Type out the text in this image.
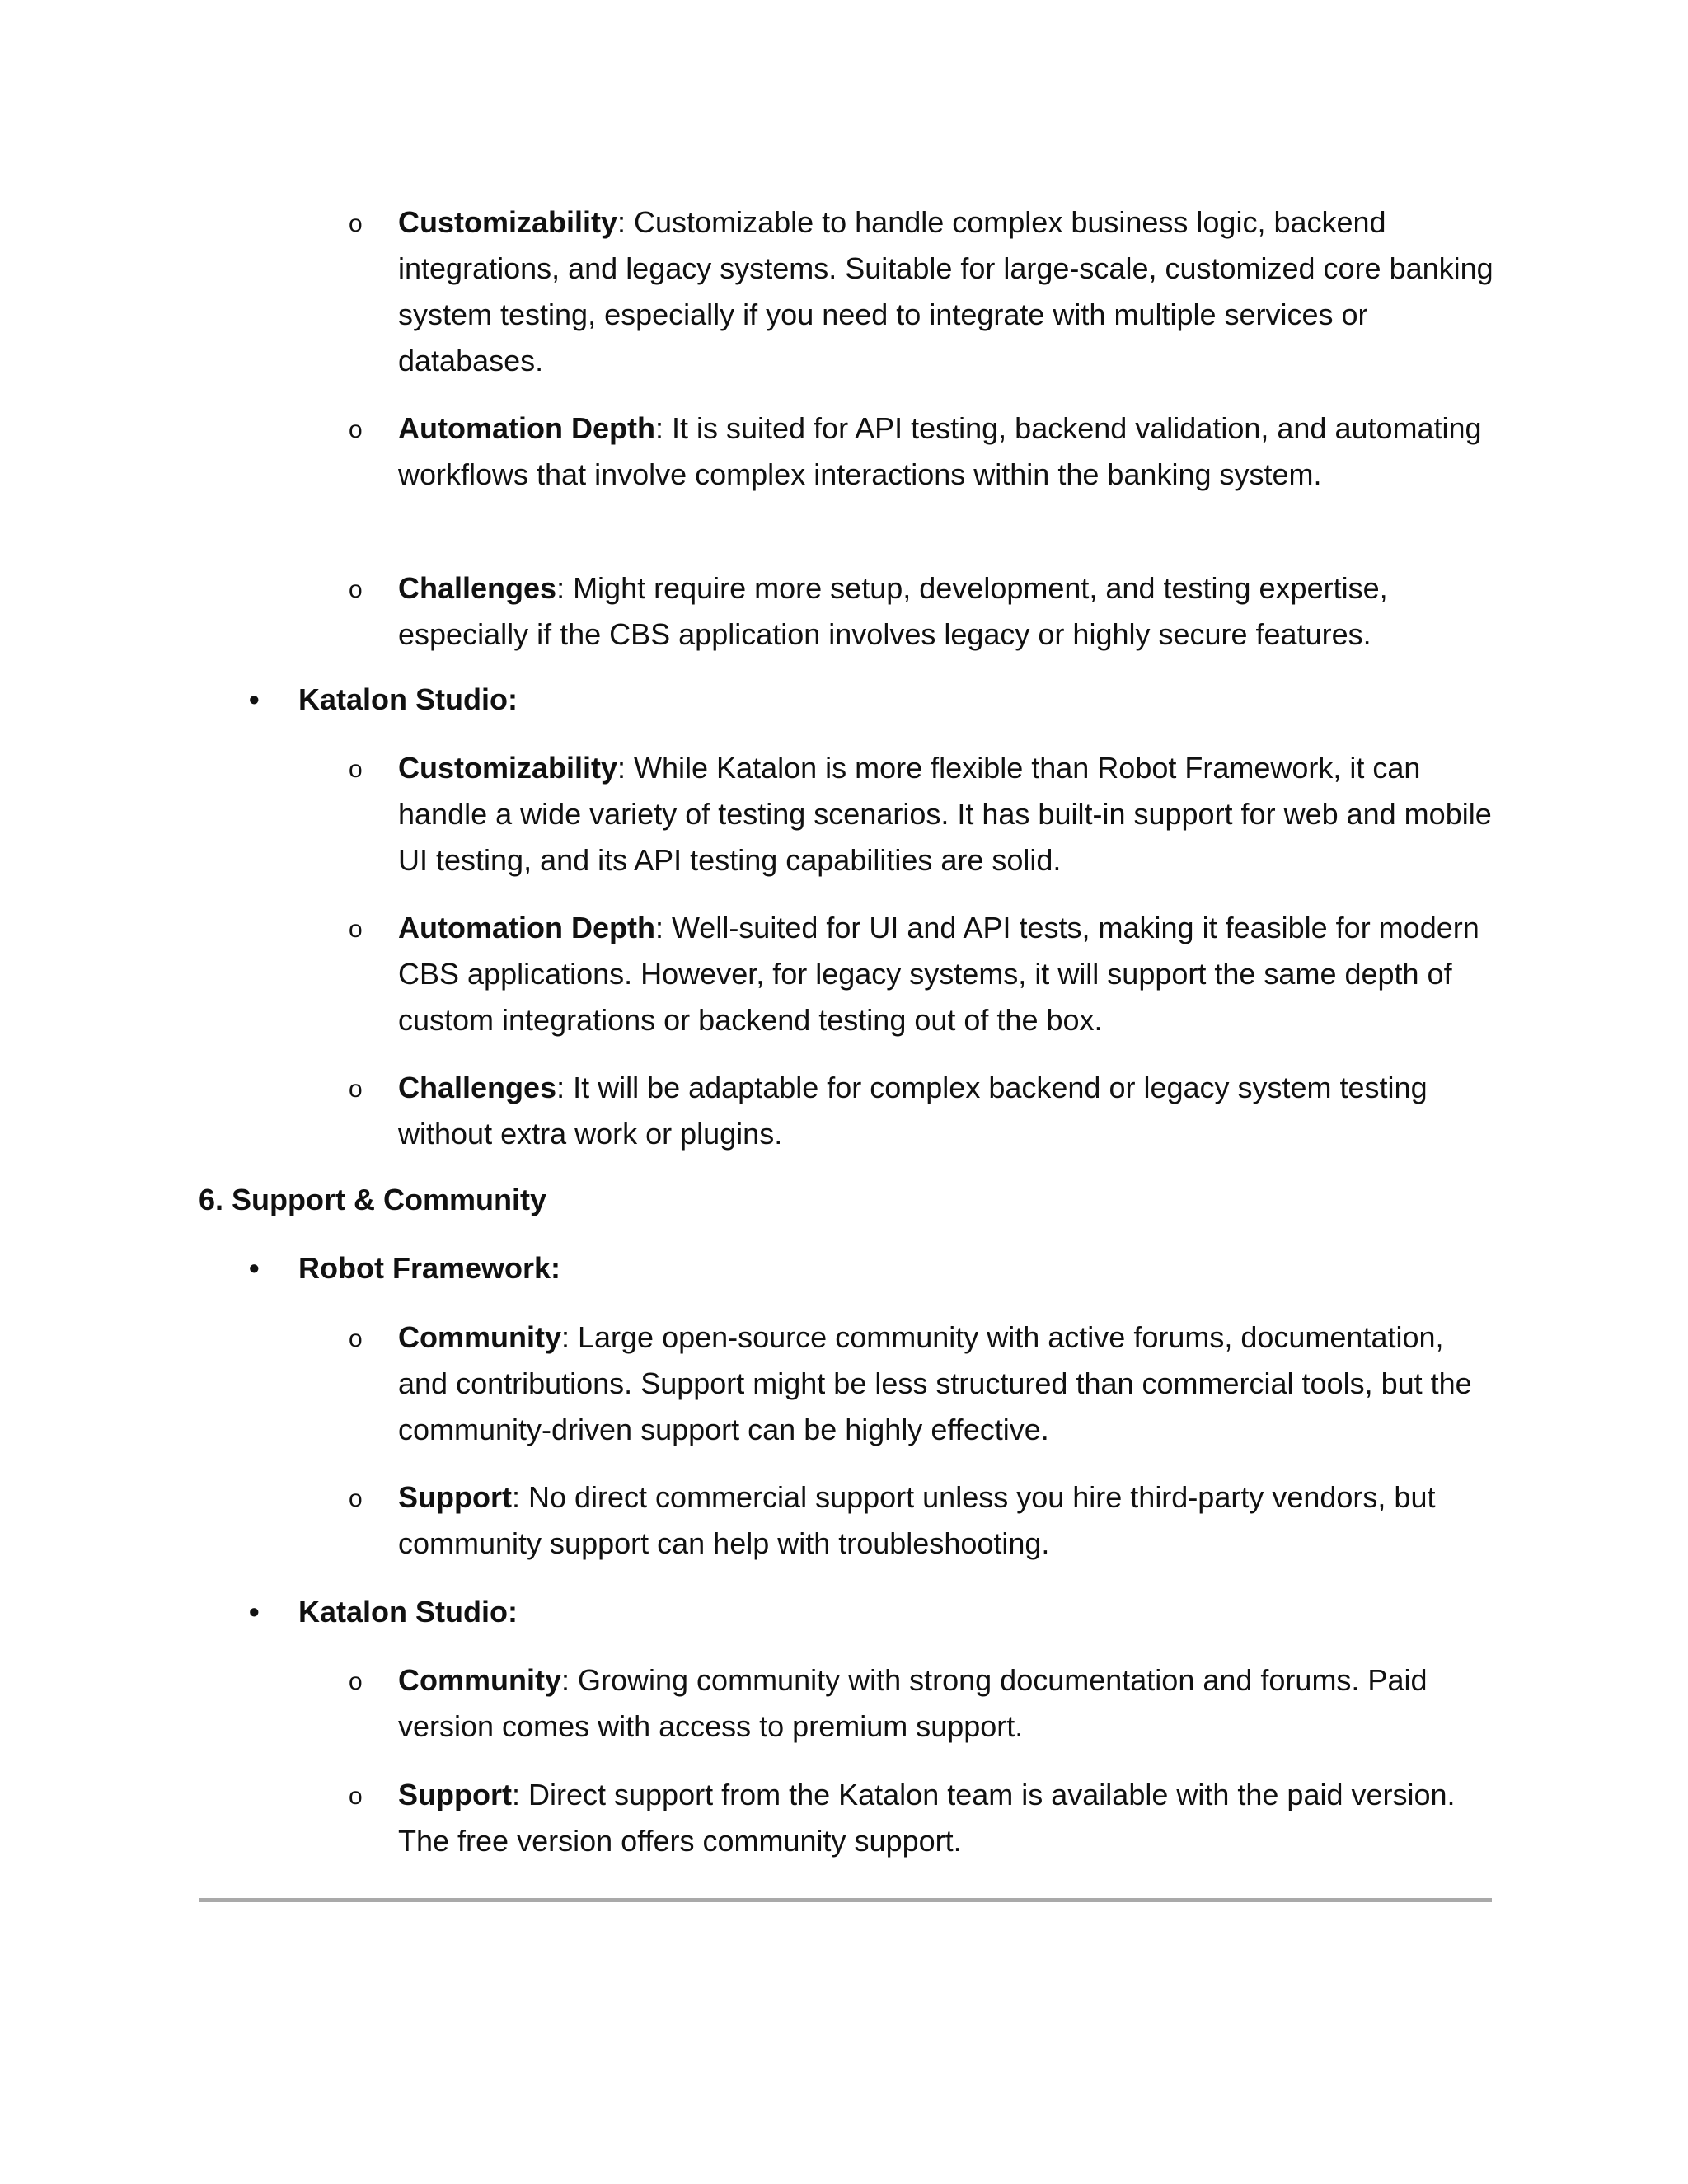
o	Customizability: Customizable to handle complex business logic, backend integrations, and legacy systems. Suitable for large-scale, customized core banking system testing, especially if you need to integrate with multiple services or databases.
o	Automation Depth: It is suited for API testing, backend validation, and automating workflows that involve complex interactions within the banking system.
o	Challenges: Might require more setup, development, and testing expertise, especially if the CBS application involves legacy or highly secure features.
•	Katalon Studio:
o	Customizability: While Katalon is more flexible than Robot Framework, it can handle a wide variety of testing scenarios. It has built-in support for web and mobile UI testing, and its API testing capabilities are solid.
o	Automation Depth: Well-suited for UI and API tests, making it feasible for modern CBS applications. However, for legacy systems, it will support the same depth of custom integrations or backend testing out of the box.
o	Challenges: It will be adaptable for complex backend or legacy system testing without extra work or plugins.
6. Support & Community
•	Robot Framework:
o	Community: Large open-source community with active forums, documentation, and contributions. Support might be less structured than commercial tools, but the community-driven support can be highly effective.
o	Support: No direct commercial support unless you hire third-party vendors, but community support can help with troubleshooting.
•	Katalon Studio:
o	Community: Growing community with strong documentation and forums. Paid version comes with access to premium support.
o	Support: Direct support from the Katalon team is available with the paid version. The free version offers community support.
